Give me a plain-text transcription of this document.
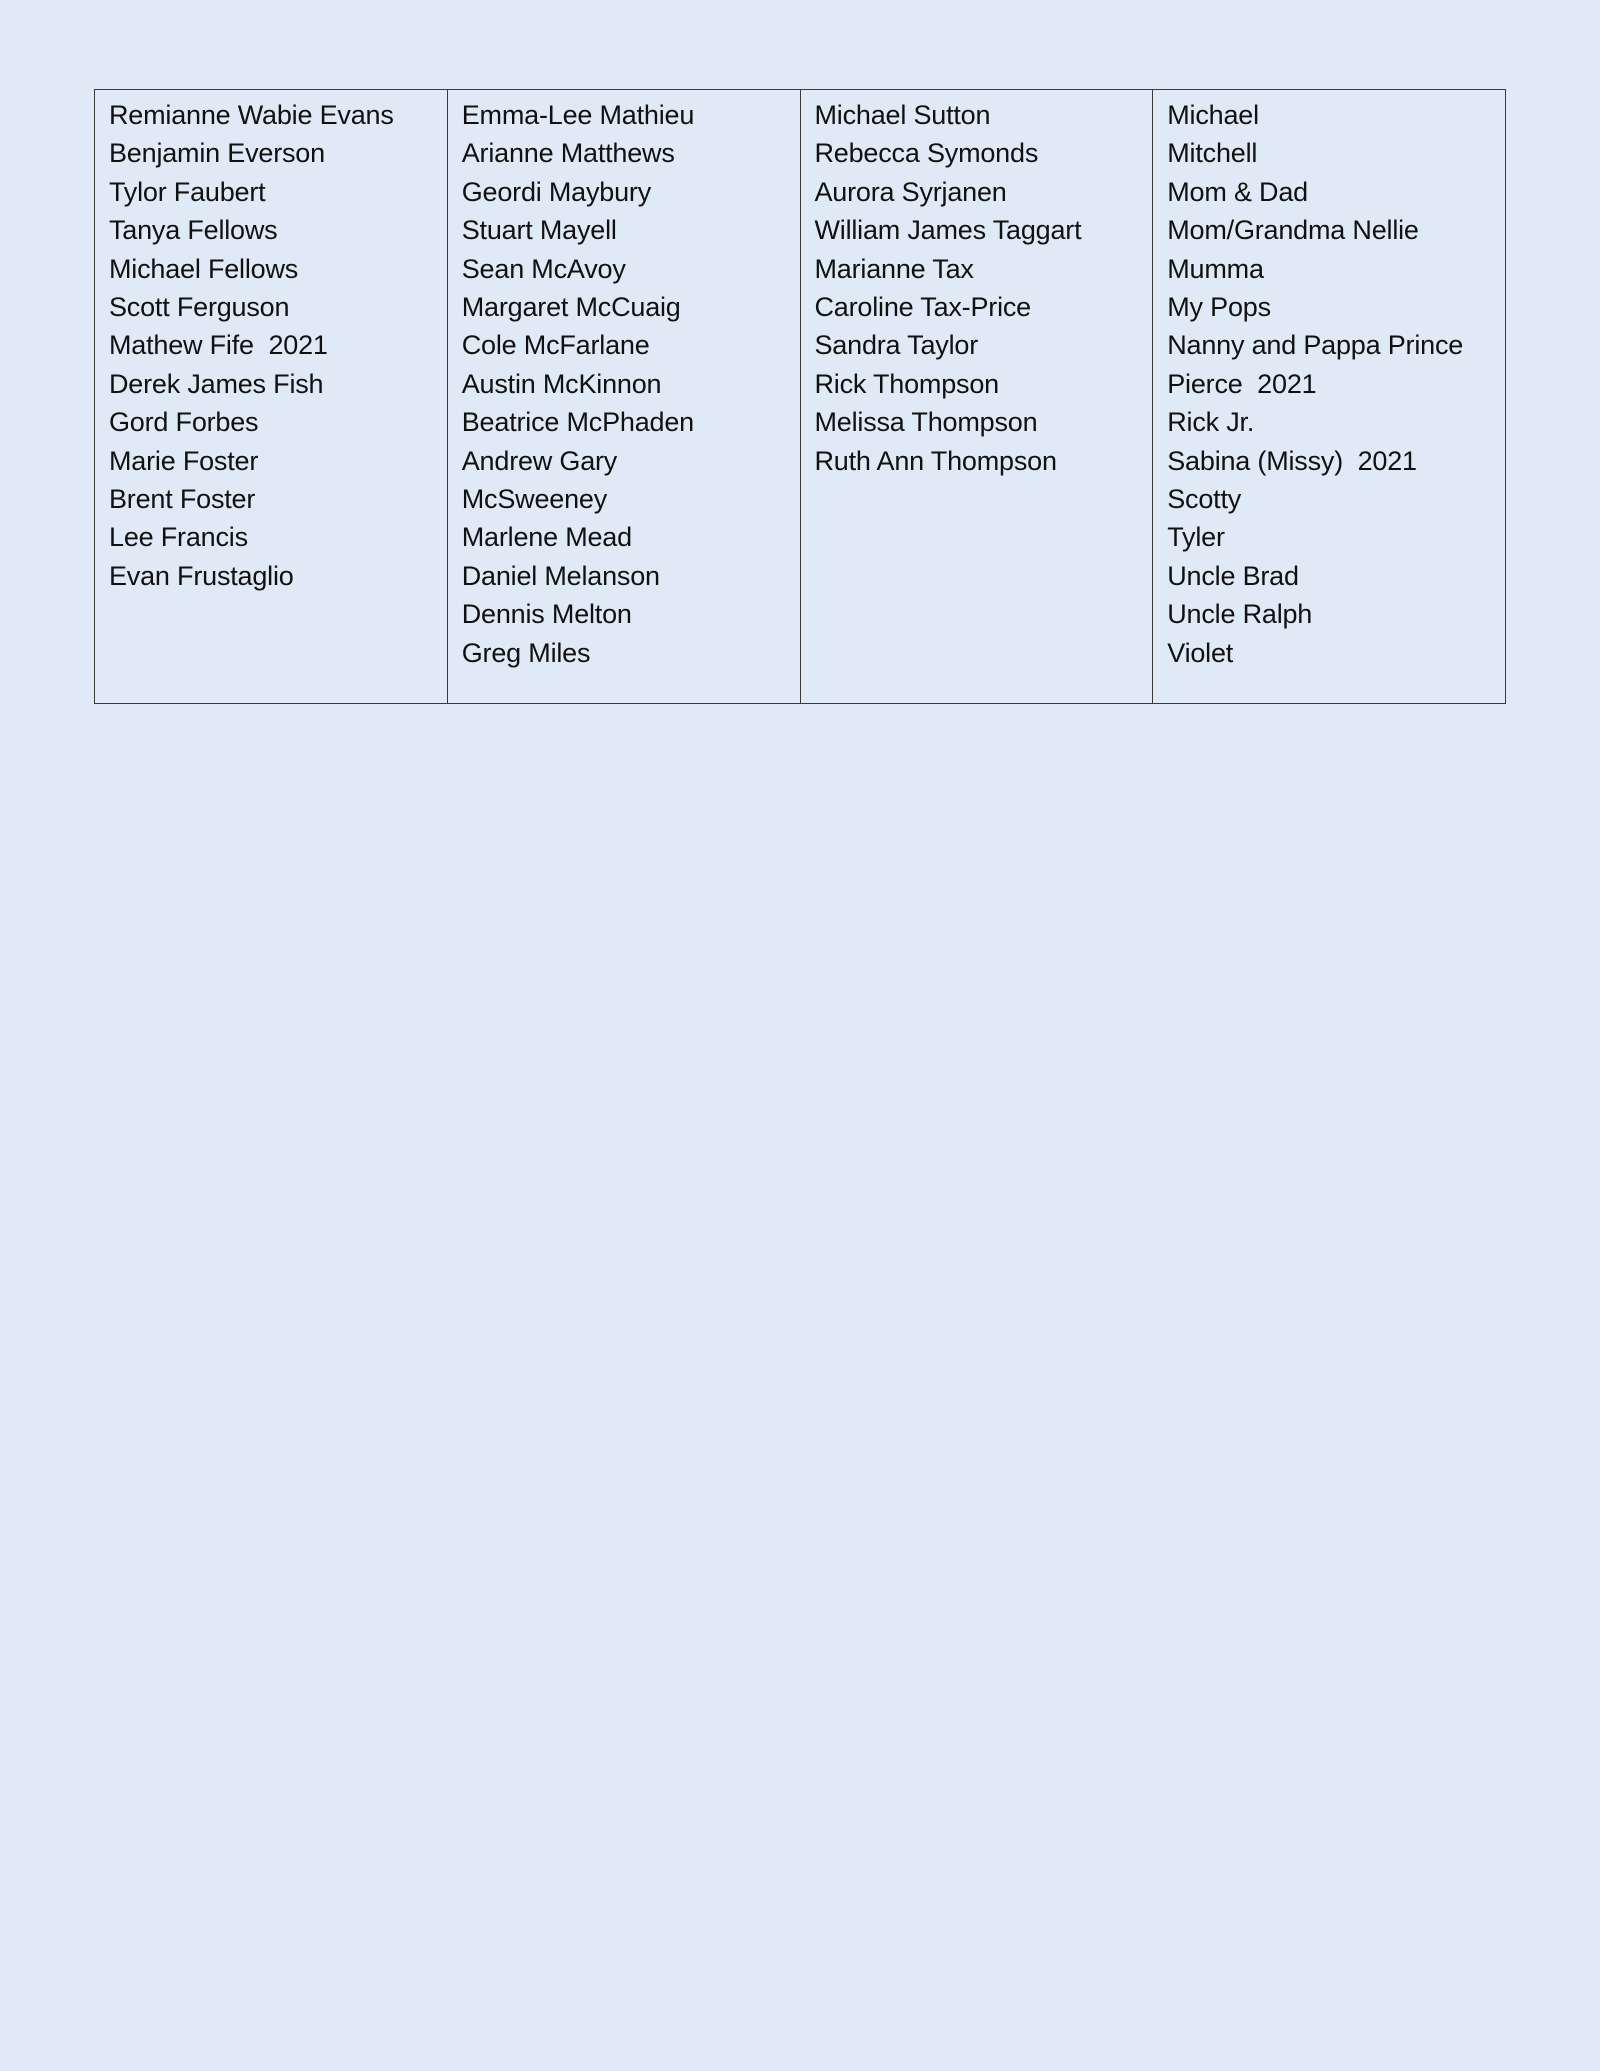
Remianne Wabie Evans
Benjamin Everson
Tylor Faubert
Tanya Fellows
Michael Fellows
Scott Ferguson
Mathew Fife  2021
Derek James Fish
Gord Forbes
Marie Foster
Brent Foster
Lee Francis
Evan Frustaglio

Emma-Lee Mathieu
Arianne Matthews
Geordi Maybury
Stuart Mayell
Sean McAvoy
Margaret McCuaig
Cole McFarlane
Austin McKinnon
Beatrice McPhaden
Andrew Gary
McSweeney
Marlene Mead
Daniel Melanson
Dennis Melton
Greg Miles

Michael Sutton
Rebecca Symonds
Aurora Syrjanen
William James Taggart
Marianne Tax
Caroline Tax-Price
Sandra Taylor
Rick Thompson
Melissa Thompson
Ruth Ann Thompson

Michael
Mitchell
Mom & Dad
Mom/Grandma Nellie
Mumma
My Pops
Nanny and Pappa Prince
Pierce  2021
Rick Jr.
Sabina (Missy)  2021
Scotty
Tyler
Uncle Brad
Uncle Ralph
Violet
